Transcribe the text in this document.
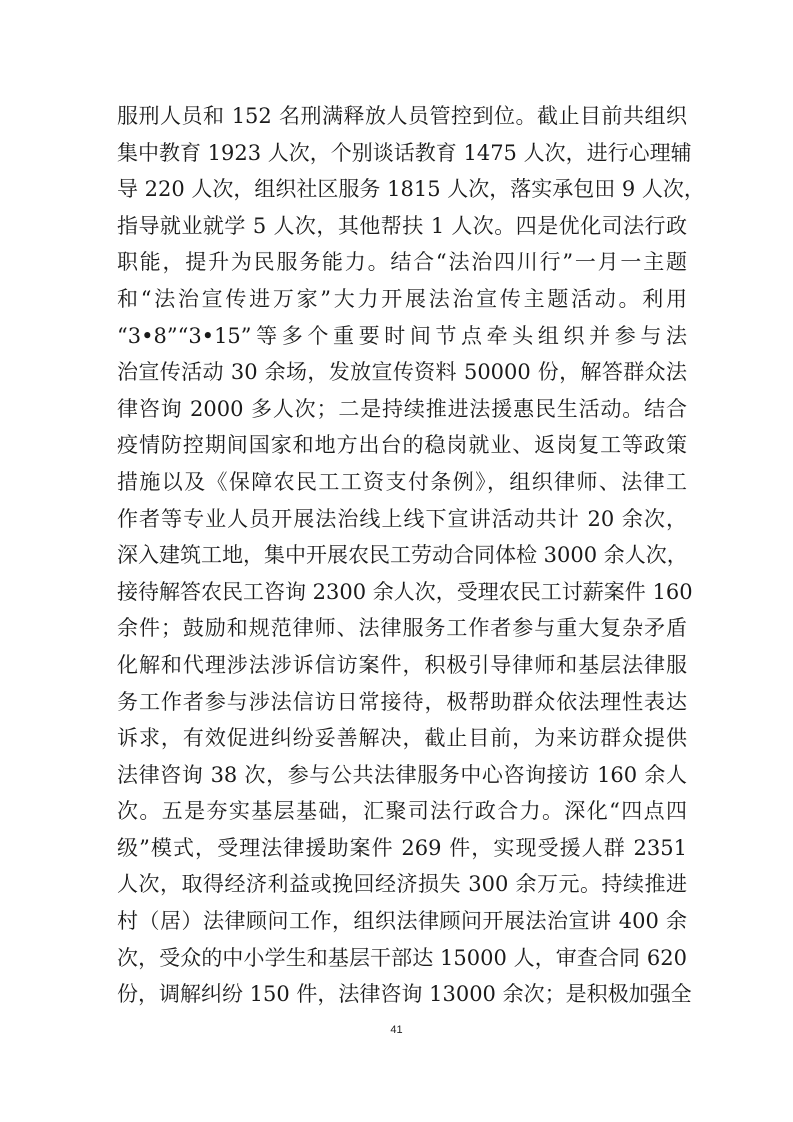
服刑人员和 152 名刑满释放人员管控到位。截止目前共组织
集中教育 1923 人次，个别谈话教育 1475 人次，进行心理辅
导 220 人次，组织社区服务 1815 人次，落实承包田 9 人次，
指导就业就学 5 人次，其他帮扶 1 人次。四是优化司法行政
职能，提升为民服务能力。结合“法治四川行”一月一主题
和“法治宣传进万家”大力开展法治宣传主题活动。利用
“3•8”“3•15”等多个重要时间节点牵头组织并参与法
治宣传活动 30 余场，发放宣传资料 50000 份，解答群众法
律咨询 2000 多人次；二是持续推进法援惠民生活动。结合
疫情防控期间国家和地方出台的稳岗就业、返岗复工等政策
措施以及《保障农民工工资支付条例》，组织律师、法律工
作者等专业人员开展法治线上线下宣讲活动共计 20 余次，
深入建筑工地，集中开展农民工劳动合同体检 3000 余人次，
接待解答农民工咨询 2300 余人次，受理农民工讨薪案件 160
余件；鼓励和规范律师、法律服务工作者参与重大复杂矛盾
化解和代理涉法涉诉信访案件，积极引导律师和基层法律服
务工作者参与涉法信访日常接待，极帮助群众依法理性表达
诉求，有效促进纠纷妥善解决，截止目前，为来访群众提供
法律咨询 38 次，参与公共法律服务中心咨询接访 160 余人
次。五是夯实基层基础，汇聚司法行政合力。深化“四点四
级”模式，受理法律援助案件 269 件，实现受援人群 2351
人次，取得经济利益或挽回经济损失 300 余万元。持续推进
村（居）法律顾问工作，组织法律顾问开展法治宣讲 400 余
次，受众的中小学生和基层干部达 15000 人，审查合同 620
份，调解纠纷 150 件，法律咨询 13000 余次；是积极加强全
41
